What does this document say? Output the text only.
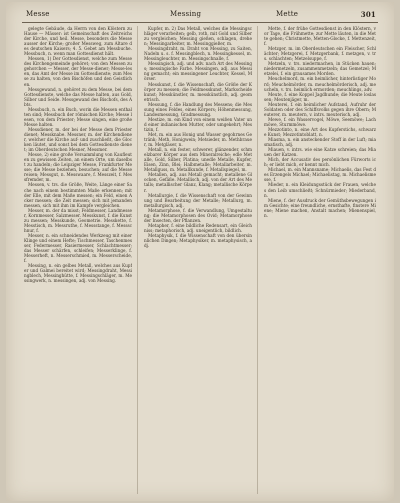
Messe	Messing	Mette	301

gelegte Gebäude, da Herrn von den Klöstern zu Hause — Mässer: ist Gemeinschaft des Zeitreichs der Kirche, und heil. Messe, besonders die Messe ausser der Kirche; großer Messweg, zum Altare des deutschen Kaisers; 4. 5. Gebet am Messbuche. Messbuch, n. wenn man Gottesdienst hält.

Messen, 1) Der Gottesdienst, welche zum Messe des Kirchengemeinde gehöret; von den Messen zu gehorchen — Messer, der Messe-diener; Messe-lesen, das Amt der Messe im Gottesdienste; zum Messe zu halten, von den Bischöfen und den Geistlichen.

Messgewand, n. gehöret zu dem Messe, bei dem Gottesdienste, welche das Messe halten, aus Gold, Silber und Seide. Messgewand des Bischofs, des Abts.

Messbuch, n. ein Buch, worin die Messen enthalten sind; Messbuch der römischen Kirche; Messe lesen, von dem Priester; Messe singen, eine große Messe halten.

Messdiener, m. der bei der Messe dem Priester dienet; Messknabe. Messner, m. der Kirchendiener, welcher die Kirche auf- und zuschließt, die Glocken läutet, und sonst bei dem Gottesdienste dienet; im Oberdeutschen Mesner, Messmer.

Messe, 2) eine große Versammlung von Kaufleuten zu gewissen Zeiten, an einem Orte, um daselbst zu handeln; die Leipziger Messe, Frankfurter Messe; die Messe beziehen, besuchen; auf die Messe reisen; Messgut, n. Messwaare, f. Messzeit, f. Messfremder, m.

Messen, v. trs. die Größe, Weite, Länge einer Sache nach einem bestimmten Maße erkennen; mit der Elle, mit dem Maße messen; ein Feld, einen Acker messen; die Zeit messen; sich mit jemanden messen, sich mit ihm im Kampfe vergleichen.

Messer, m. der da misst; Feldmesser, Landmesser, Kornmesser, Salzmesser. Messkunst, f. die Kunst zu messen; Messkunde, Geometrie. Messkette, f. Messtisch, m. Messruthe, f. Messstange, f. Messschnur, f.

Messer, n. ein schneidendes Werkzeug mit einer Klinge und einem Hefte; Tischmesser, Taschenmesser, Federmesser, Rasiermesser, Schlachtmesser; das Messer schärfen, schleifen; Messerklinge, f. Messerheft, n. Messerschmied, m. Messerscheide, f.

Messing, n. ein gelbes Metall, welches aus Kupfer und Galmei bereitet wird; Messingdraht, Messingblech, Messinghütte, f. Messingschläger, m. Messingwerk, n. messingen, adj. von Messing.

Kupfer, m. 2) Das Metall, welches die Messingschläger verarbeiten; gelb, roth, mit Gold und Silber zu vergleichen; Messing gießen, schlagen, drehen; Messingarbeiter, m. Messinggießer, m.

Messingdraht, m. Draht von Messing, zu Saiten, Nadeln u. s. f. Messingblech, n. Messingkessel, m. Messingleuchter, m. Messingschnalle, f.

Messingisch, adj. und adv. nach Art des Messings; messingische Farbe. Messingen, adj. aus Messing gemacht; ein messingener Leuchter, Kessel, Mörser.

Messkunst, f. die Wissenschaft, die Größe der Körper zu messen; die Feldmesskunst, Markscheidekunst; Messkünstler, m. messkünstlich, adj. geometrisch.

Messung, f. die Handlung des Messens; die Messung eines Feldes, eines Körpers; Höhenmessung, Landesmessung, Gradmessung.

Mestize, m. ein Kind von einem weißen Vater und einer indianischen Mutter, oder umgekehrt; Mestizin, f.

Met, m. ein aus Honig und Wasser gegohrnes Getränk; Meth, Honigwein; Metsieder, m. Methbrauer, m. Metgläser, n.

Metall, n. ein fester, schwerer, glänzender, schmelzbarer Körper aus dem Mineralreiche; edle Metalle, Gold, Silber, Platina; unedle Metalle, Kupfer, Eisen, Zinn, Blei; Halbmetalle; Metallarbeiter, m. Metallguss, m. Metallkunde, f. Metallspiegel, m.

Metallen, adj. aus Metall gemacht; metallene Glocken, Gefäße. Metallisch, adj. von der Art des Metalls; metallischer Glanz, Klang; metallische Körper.

Metallurgie, f. die Wissenschaft von der Gewinnung und Bearbeitung der Metalle; Metallurg, m. metallurgisch, adj.

Metamorphose, f. die Verwandlung, Umgestaltung; die Metamorphosen des Ovid; Metamorphose der Insecten, der Pflanzen.

Metapher, f. eine bildliche Redensart, ein Gleichniss; metaphorisch, adj. uneigentlich, bildlich.

Metaphysik, f. die Wissenschaft von den übersinnlichen Dingen; Metaphysiker, m. metaphysisch, adj.

Mette, f. der frühe Gottesdienst in den Klöstern, vor Tage, die Frühmette; zur Mette läuten, in die Mette gehen; Christmette, Metten-Glocke, f. Mettenzeit, f.

Metzger, m. im Oberdeutschen ein Fleischer, Schlächter; Metzgerei, f. Metzgerbank, f. metzgen, v. trs. schlachten; Metzelsuppe, f.

Metzeln, v. trs. niedermachen, in Stücken hauen; niedermetzeln, zusammenmetzeln; das Gemetzel; Metzelei, f. ein grausames Morden.

Meuchelmord, m. ein heimlicher, hinterlistiger Mord; Meuchelmörder, m. meuchelmörderisch, adj. meucheln, v. trs. heimlich ermorden; meuchlings, adv.

Meute, f. eine Koppel Jagdhunde; die Meute loslassen; Meutenjäger, m.

Meuterei, f. ein heimlicher Aufstand, Aufruhr der Soldaten oder des Schiffsvolks gegen ihre Obern; Meuterer, m. meutern, v. intrs. meuterisch, adj.

Mewe, f. ein Wasservogel, Möwe, Seemöwe; Lachmöwe, Sturmmöwe.

Mezzotinto, n. eine Art des Kupferstichs, schwarze Kunst; Mezzotintoblatt, n.

Miasma, n. ein ansteckender Stoff in der Luft; miasmatisch, adj.

Miauen, v. intrs. wie eine Katze schreien; das Miauen der Katzen.

Mich, der Accusativ des persönlichen Fürworts ich; er liebt mich, er kennt mich.

Michael, m. ein Mannsname; Michaelis, das Fest des Erzengels Michael; Michaelistag, m. Michaelismesse, f.

Mieder, n. ein Kleidungsstück der Frauen, welches den Leib umschließt; Schnürmieder; Miederband, n.

Miene, f. der Ausdruck der Gemüthsbewegungen im Gesichte; eine freundliche, ernsthafte, finstere Miene; Miene machen, Anstalt machen; Mienenspiel, n.
